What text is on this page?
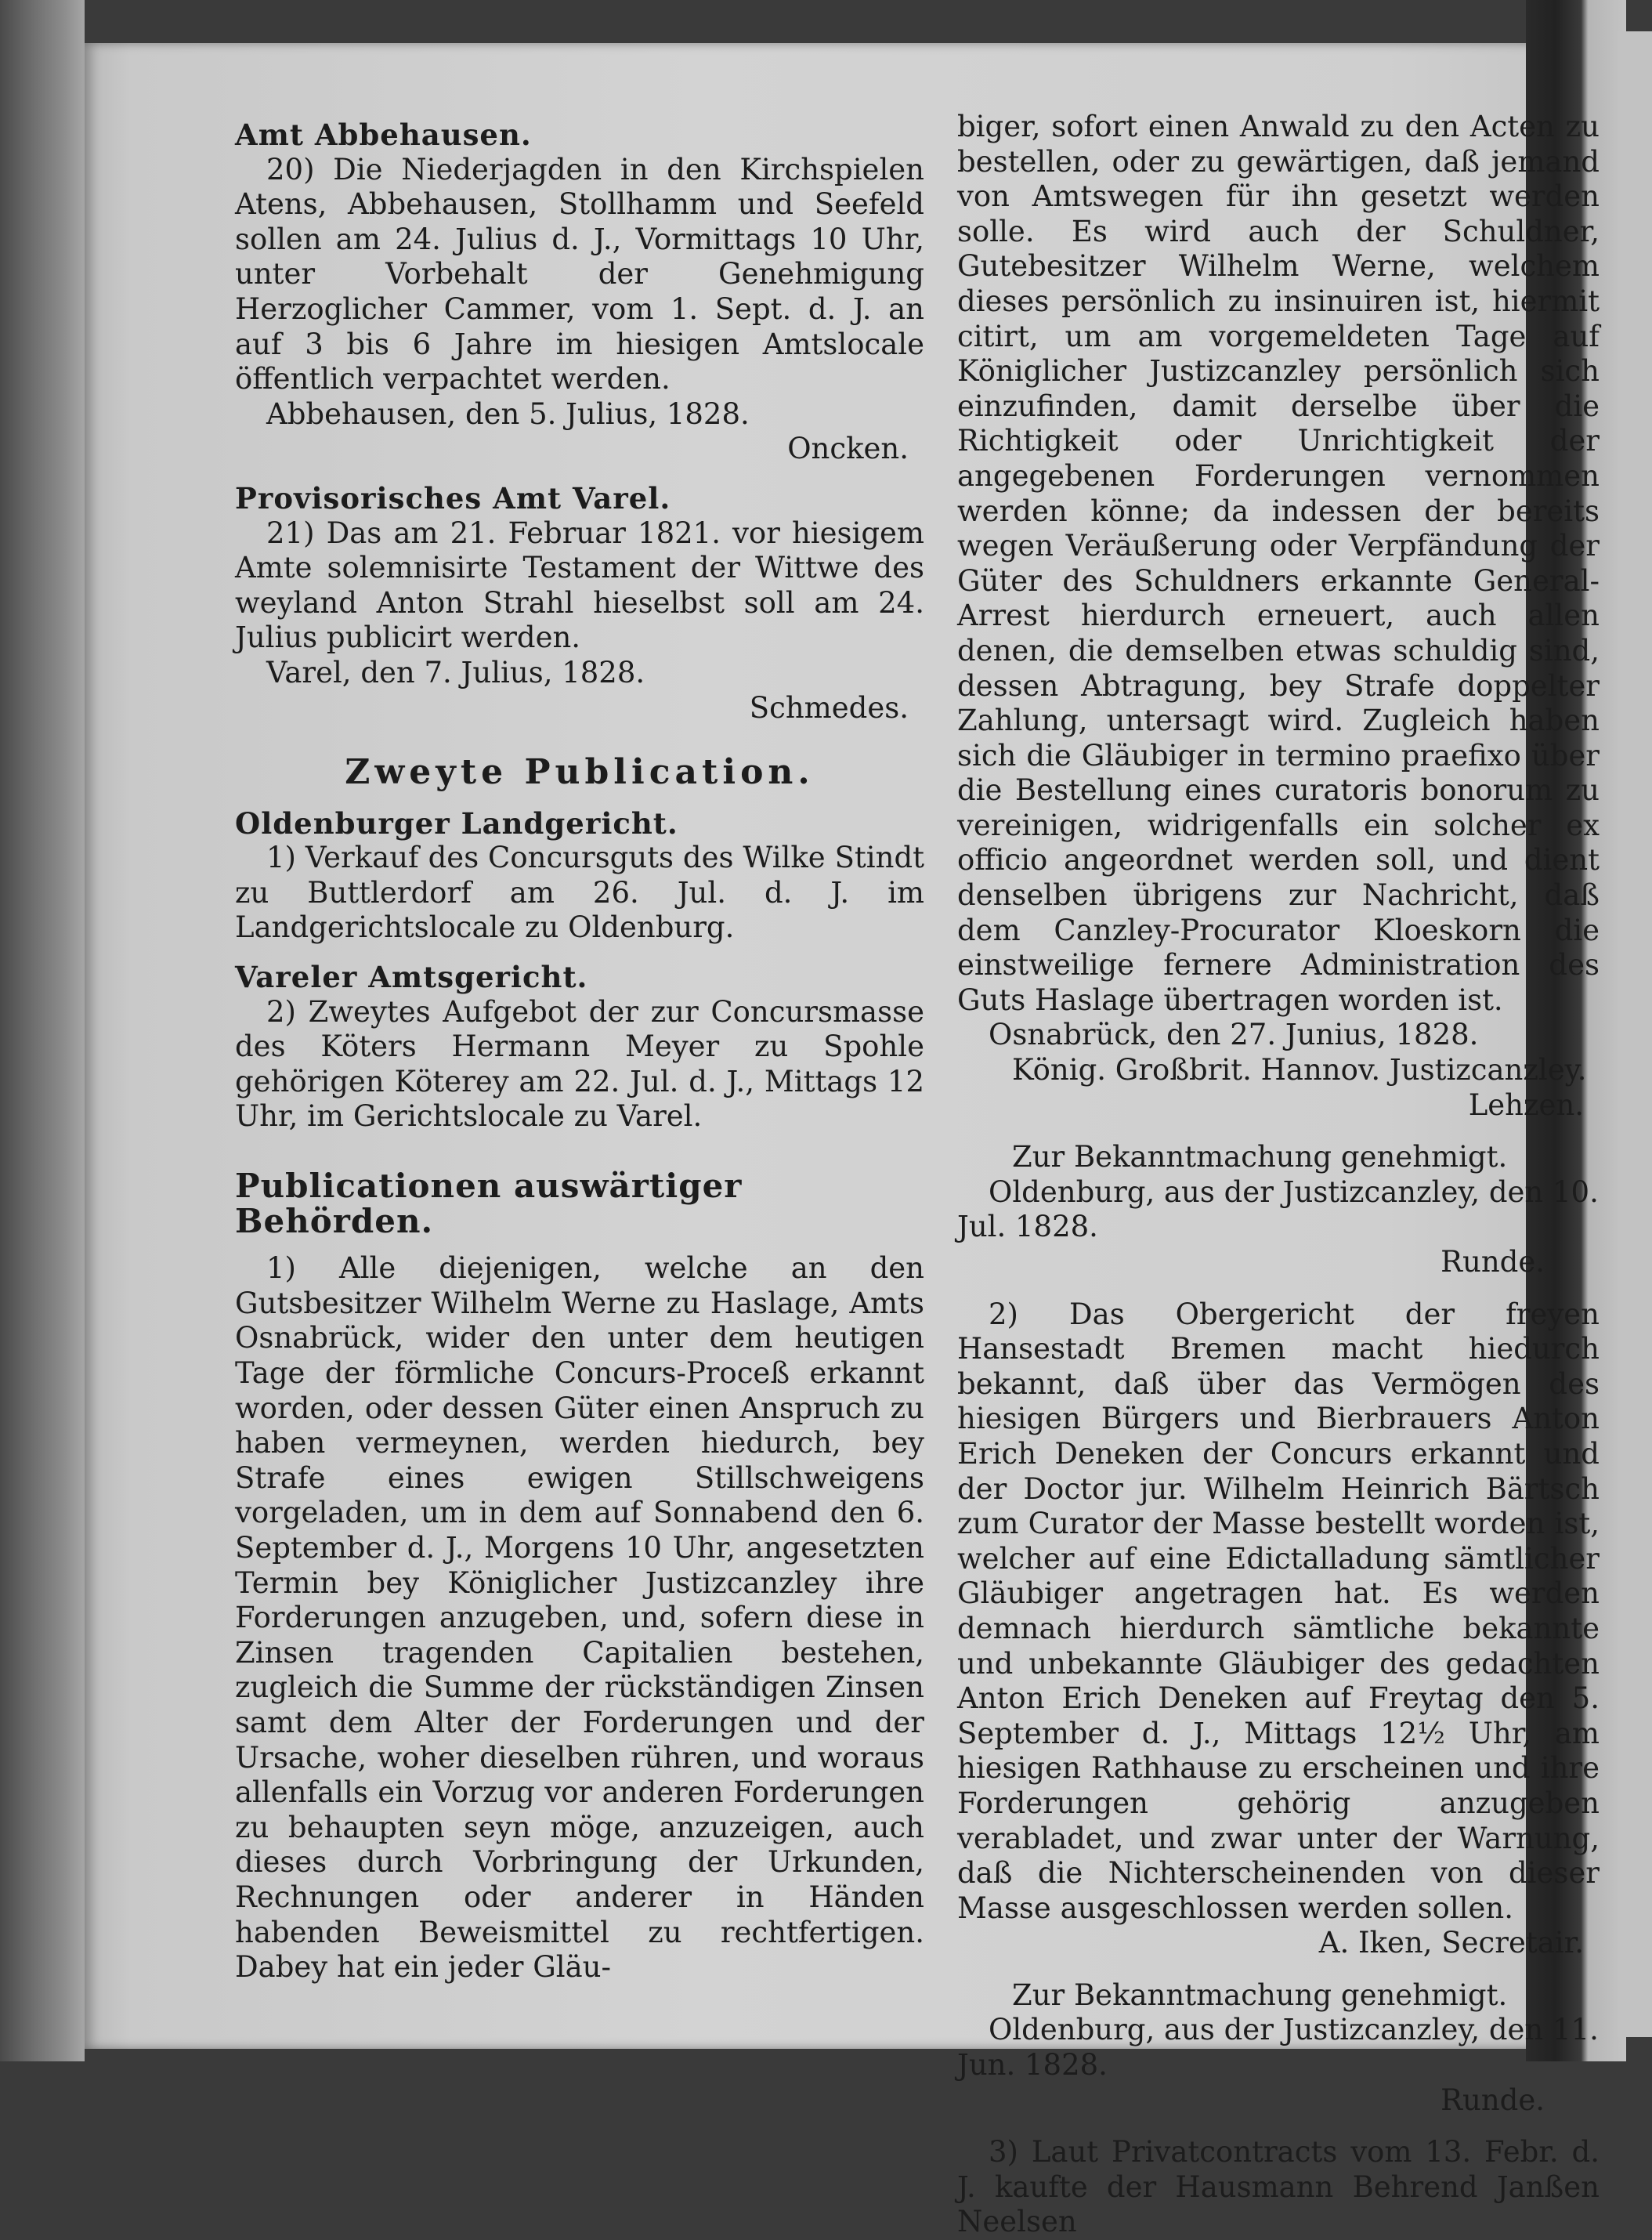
Amt Abbehausen.

20) Die Niederjagden in den Kirchspielen Atens, Abbehausen, Stollhamm und Seefeld sollen am 24. Julius d. J., Vormittags 10 Uhr, unter Vorbehalt der Genehmigung Herzoglicher Cammer, vom 1. Sept. d. J. an auf 3 bis 6 Jahre im hiesigen Amtslocale öffentlich verpachtet werden.

Abbehausen, den 5. Julius, 1828.

Oncken.

Provisorisches Amt Varel.

21) Das am 21. Februar 1821. vor hiesigem Amte solemnisirte Testament der Wittwe des weyland Anton Strahl hieselbst soll am 24. Julius publicirt werden.

Varel, den 7. Julius, 1828.

Schmedes.

Zweyte Publication.

Oldenburger Landgericht.

1) Verkauf des Concursguts des Wilke Stindt zu Buttlerdorf am 26. Jul. d. J. im Landgerichtslocale zu Oldenburg.

Vareler Amtsgericht.

2) Zweytes Aufgebot der zur Concursmasse des Köters Hermann Meyer zu Spohle gehörigen Köterey am 22. Jul. d. J., Mittags 12 Uhr, im Gerichtslocale zu Varel.

Publicationen auswärtiger Behörden.

1) Alle diejenigen, welche an den Gutsbesitzer Wilhelm Werne zu Haslage, Amts Osnabrück, wider den unter dem heutigen Tage der förmliche Concurs-Proceß erkannt worden, oder dessen Güter einen Anspruch zu haben vermeynen, werden hiedurch, bey Strafe eines ewigen Stillschweigens vorgeladen, um in dem auf Sonnabend den 6. September d. J., Morgens 10 Uhr, angesetzten Termin bey Königlicher Justizcanzley ihre Forderungen anzugeben, und, sofern diese in Zinsen tragenden Capitalien bestehen, zugleich die Summe der rückständigen Zinsen samt dem Alter der Forderungen und der Ursache, woher dieselben rühren, und woraus allenfalls ein Vorzug vor anderen Forderungen zu behaupten seyn möge, anzuzeigen, auch dieses durch Vorbringung der Urkunden, Rechnungen oder anderer in Händen habenden Beweismittel zu rechtfertigen. Dabey hat ein jeder Gläu-

biger, sofort einen Anwald zu den Acten zu bestellen, oder zu gewärtigen, daß jemand von Amtswegen für ihn gesetzt werden solle. Es wird auch der Schuldner, Gutebesitzer Wilhelm Werne, welchem dieses persönlich zu insinuiren ist, hiermit citirt, um am vorgemeldeten Tage auf Königlicher Justizcanzley persönlich sich einzufinden, damit derselbe über die Richtigkeit oder Unrichtigkeit der angegebenen Forderungen vernommen werden könne; da indessen der bereits wegen Veräußerung oder Verpfändung der Güter des Schuldners erkannte General-Arrest hierdurch erneuert, auch allen denen, die demselben etwas schuldig sind, dessen Abtragung, bey Strafe doppelter Zahlung, untersagt wird. Zugleich haben sich die Gläubiger in termino praefixo über die Bestellung eines curatoris bonorum zu vereinigen, widrigenfalls ein solcher ex officio angeordnet werden soll, und dient denselben übrigens zur Nachricht, daß dem Canzley-Procurator Kloeskorn die einstweilige fernere Administration des Guts Haslage übertragen worden ist.

Osnabrück, den 27. Junius, 1828.

König. Großbrit. Hannov. Justizcanzley.

Lehzen.

Zur Bekanntmachung genehmigt.

Oldenburg, aus der Justizcanzley, den 10. Jul. 1828.

Runde.

2) Das Obergericht der freyen Hansestadt Bremen macht hiedurch bekannt, daß über das Vermögen des hiesigen Bürgers und Bierbrauers Anton Erich Deneken der Concurs erkannt und der Doctor jur. Wilhelm Heinrich Bärtsch zum Curator der Masse bestellt worden ist, welcher auf eine Edictalladung sämtlicher Gläubiger angetragen hat. Es werden demnach hierdurch sämtliche bekannte und unbekannte Gläubiger des gedachten Anton Erich Deneken auf Freytag den 5. September d. J., Mittags 12½ Uhr, am hiesigen Rathhause zu erscheinen und ihre Forderungen gehörig anzugeben verabladet, und zwar unter der Warnung, daß die Nichterscheinenden von dieser Masse ausgeschlossen werden sollen.

A. Iken, Secretair.

Zur Bekanntmachung genehmigt.

Oldenburg, aus der Justizcanzley, den 11. Jun. 1828.

Runde.

3) Laut Privatcontracts vom 13. Febr. d. J. kaufte der Hausmann Behrend Janßen Neelsen
